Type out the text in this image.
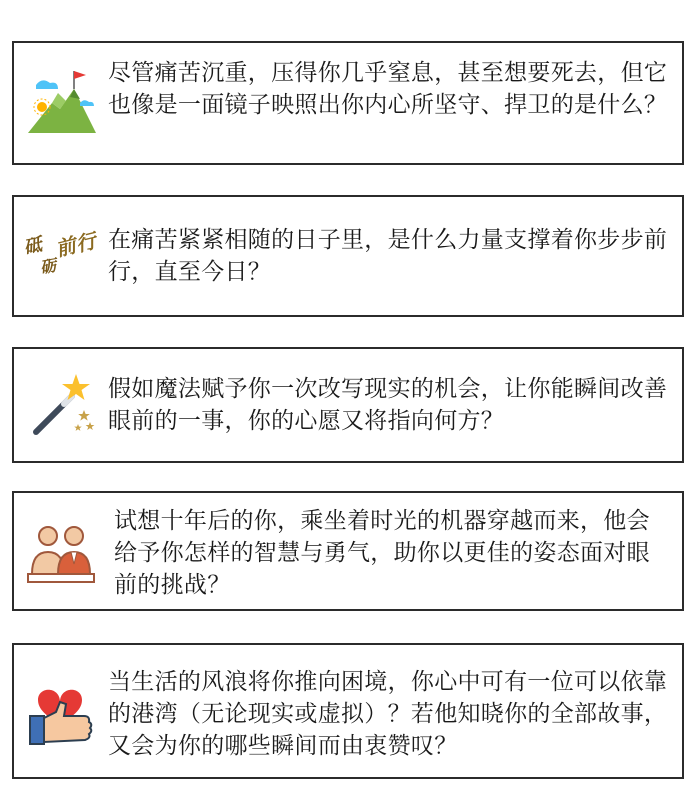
尽管痛苦沉重，压得你几乎窒息，甚至想要死去，但它也像是一面镜子映照出你内心所坚守、捍卫的是什么？
砥
砺
前
行 在痛苦紧紧相随的日子里，是什么力量支撑着你步步前行，直至今日？
假如魔法赋予你一次改写现实的机会，让你能瞬间改善眼前的一事，你的心愿又将指向何方？
试想十年后的你，乘坐着时光的机器穿越而来，他会给予你怎样的智慧与勇气，助你以更佳的姿态面对眼前的挑战？
当生活的风浪将你推向困境，你心中可有一位可以依靠的港湾（无论现实或虚拟）？若他知晓你的全部故事，又会为你的哪些瞬间而由衷赞叹？
